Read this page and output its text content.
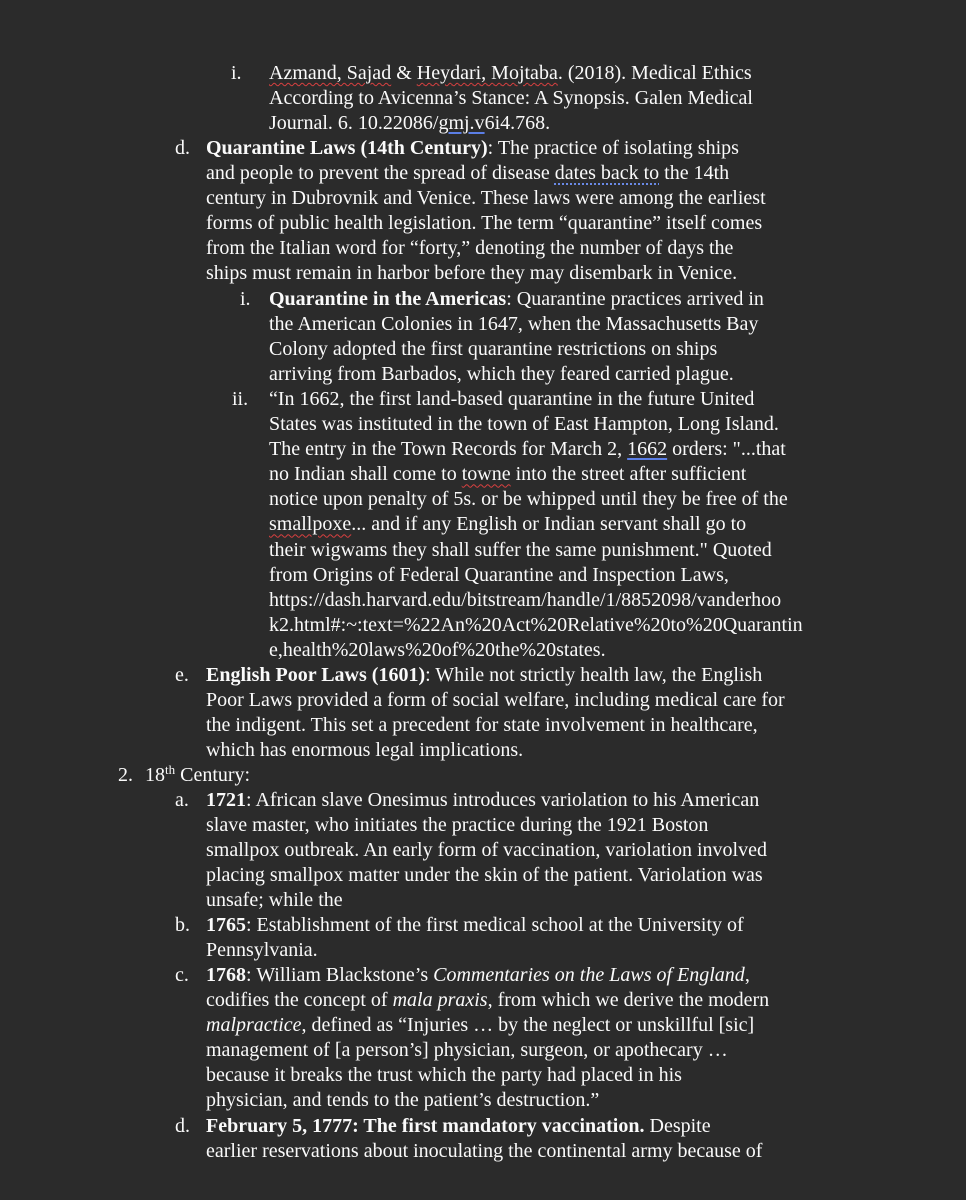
i. Azmand, Sajad & Heydari, Mojtaba. (2018). Medical Ethics
According to Avicenna’s Stance: A Synopsis. Galen Medical
Journal. 6. 10.22086/gmj.v6i4.768.
d. Quarantine Laws (14th Century): The practice of isolating ships
and people to prevent the spread of disease dates back to the 14th
century in Dubrovnik and Venice. These laws were among the earliest
forms of public health legislation. The term “quarantine” itself comes
from the Italian word for “forty,” denoting the number of days the
ships must remain in harbor before they may disembark in Venice.
i. Quarantine in the Americas: Quarantine practices arrived in
the American Colonies in 1647, when the Massachusetts Bay
Colony adopted the first quarantine restrictions on ships
arriving from Barbados, which they feared carried plague.
ii. “In 1662, the first land-based quarantine in the future United
States was instituted in the town of East Hampton, Long Island.
The entry in the Town Records for March 2, 1662 orders: "...that
no Indian shall come to towne into the street after sufficient
notice upon penalty of 5s. or be whipped until they be free of the
smallpoxe... and if any English or Indian servant shall go to
their wigwams they shall suffer the same punishment." Quoted
from Origins of Federal Quarantine and Inspection Laws,
https://dash.harvard.edu/bitstream/handle/1/8852098/vanderhoo
k2.html#:~:text=%22An%20Act%20Relative%20to%20Quarantin
e,health%20laws%20of%20the%20states.
e. English Poor Laws (1601): While not strictly health law, the English
Poor Laws provided a form of social welfare, including medical care for
the indigent. This set a precedent for state involvement in healthcare,
which has enormous legal implications.
2. 18th Century:
a. 1721: African slave Onesimus introduces variolation to his American
slave master, who initiates the practice during the 1921 Boston
smallpox outbreak. An early form of vaccination, variolation involved
placing smallpox matter under the skin of the patient. Variolation was
unsafe; while the
b. 1765: Establishment of the first medical school at the University of
Pennsylvania.
c. 1768: William Blackstone’s Commentaries on the Laws of England,
codifies the concept of mala praxis, from which we derive the modern
malpractice, defined as “Injuries … by the neglect or unskillful [sic]
management of [a person’s] physician, surgeon, or apothecary …
because it breaks the trust which the party had placed in his
physician, and tends to the patient’s destruction.”
d. February 5, 1777: The first mandatory vaccination. Despite
earlier reservations about inoculating the continental army because of
